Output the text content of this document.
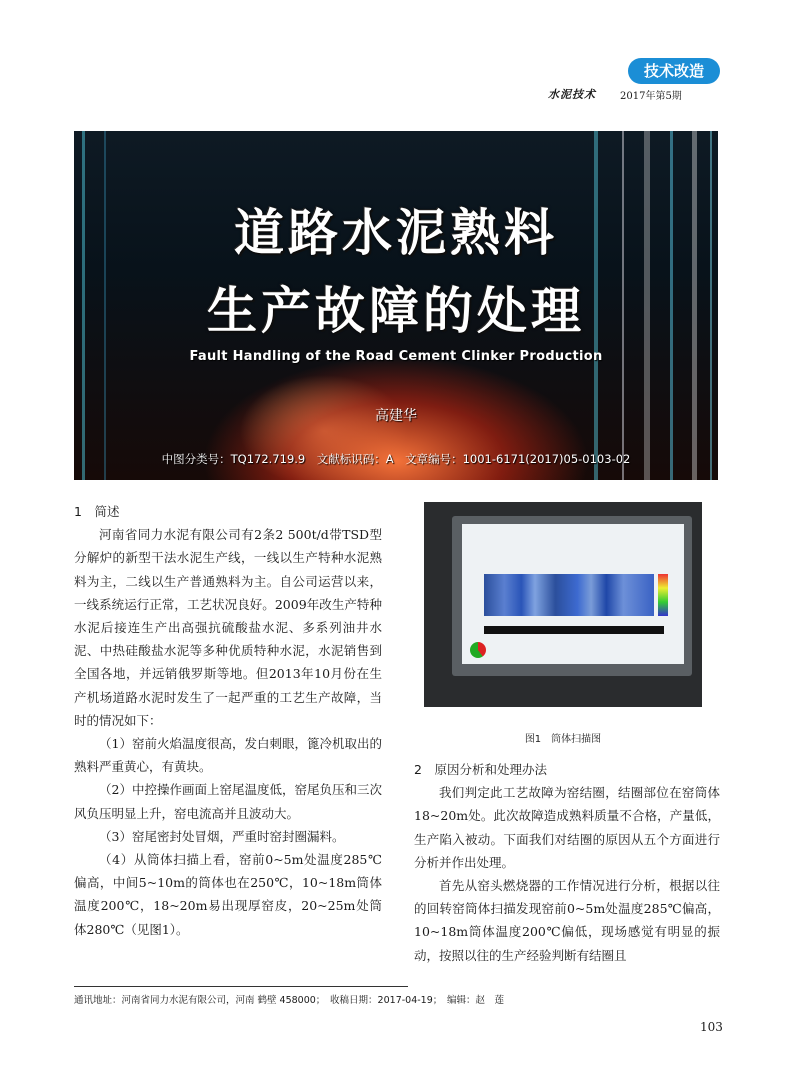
技术改造
水泥技术 2017年第5期
道路水泥熟料
生产故障的处理
Fault Handling of the Road Cement Clinker Production
高建华
中图分类号：TQ172.719.9　文献标识码：A　文章编号：1001-6171(2017)05-0103-02
1　简述

河南省同力水泥有限公司有2条2 500t/d带TSD型分解炉的新型干法水泥生产线，一线以生产特种水泥熟料为主，二线以生产普通熟料为主。自公司运营以来，一线系统运行正常，工艺状况良好。2009年改生产特种水泥后接连生产出高强抗硫酸盐水泥、多系列油井水泥、中热硅酸盐水泥等多种优质特种水泥，水泥销售到全国各地，并远销俄罗斯等地。但2013年10月份在生产机场道路水泥时发生了一起严重的工艺生产故障，当时的情况如下：

（1）窑前火焰温度很高，发白刺眼，篦冷机取出的熟料严重黄心，有黄块。

（2）中控操作画面上窑尾温度低，窑尾负压和三次风负压明显上升，窑电流高并且波动大。

（3）窑尾密封处冒烟，严重时窑封圈漏料。

（4）从筒体扫描上看，窑前0~5m处温度285℃偏高，中间5~10m的筒体也在250℃，10~18m筒体温度200℃，18~20m易出现厚窑皮，20~25m处筒体280℃（见图1）。

图1　筒体扫描图
2　原因分析和处理办法

我们判定此工艺故障为窑结圈，结圈部位在窑筒体18~20m处。此次故障造成熟料质量不合格，产量低，生产陷入被动。下面我们对结圈的原因从五个方面进行分析并作出处理。

首先从窑头燃烧器的工作情况进行分析，根据以往的回转窑筒体扫描发现窑前0~5m处温度285℃偏高，10~18m筒体温度200℃偏低，现场感觉有明显的振动，按照以往的生产经验判断有结圈且

通讯地址：河南省同力水泥有限公司，河南 鹤壁 458000；　收稿日期：2017-04-19；　编辑：赵　莲
103
